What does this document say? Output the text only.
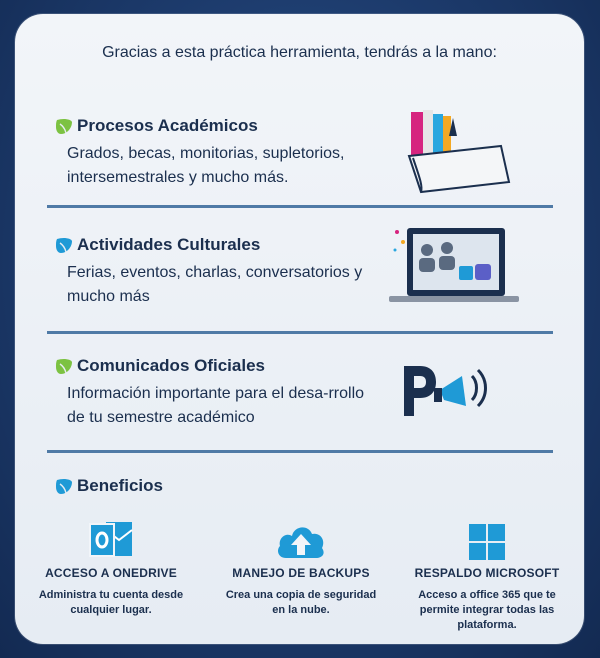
Gracias a esta práctica herramienta, tendrás a la mano:
Procesos Académicos
Grados, becas, monitorias, supletorios, intersemestrales y mucho más.
Actividades Culturales
Ferias, eventos, charlas, conversatorios y mucho más
Comunicados Oficiales
Información importante para el desa-rrollo de tu semestre académico
Beneficios
ACCESO A ONEDRIVE
Administra tu cuenta desde cualquier lugar.
MANEJO DE BACKUPS
Crea una copia de seguridad en la nube.
RESPALDO MICROSOFT
Acceso a office 365 que te permite integrar todas las plataforma.
